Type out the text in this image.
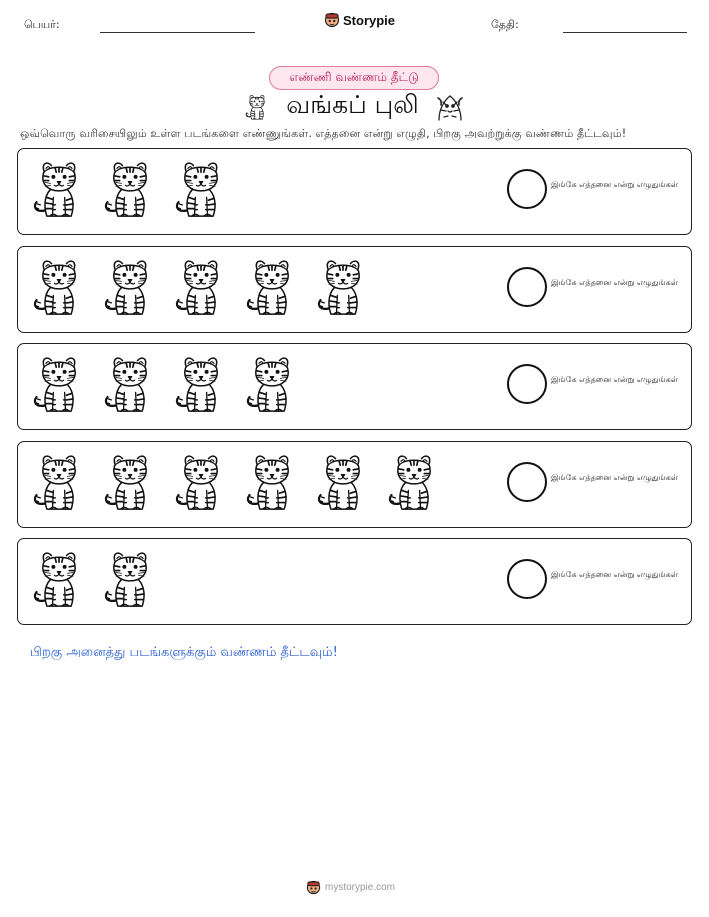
பெயர்:	Storypie	தேதி:
எண்ணி வண்ணம் தீட்டு
வங்கப் புலி
ஒவ்வொரு வரிசையிலும் உள்ள படங்களை எண்ணுங்கள். எத்தனை என்று எழுதி, பிறகு அவற்றுக்கு வண்ணம் தீட்டவும்!
இங்கே எத்தனை என்று எழுதுங்கள்
இங்கே எத்தனை என்று எழுதுங்கள்
இங்கே எத்தனை என்று எழுதுங்கள்
இங்கே எத்தனை என்று எழுதுங்கள்
இங்கே எத்தனை என்று எழுதுங்கள்
பிறகு அனைத்து படங்களுக்கும் வண்ணம் தீட்டவும்!
mystorypie.com
